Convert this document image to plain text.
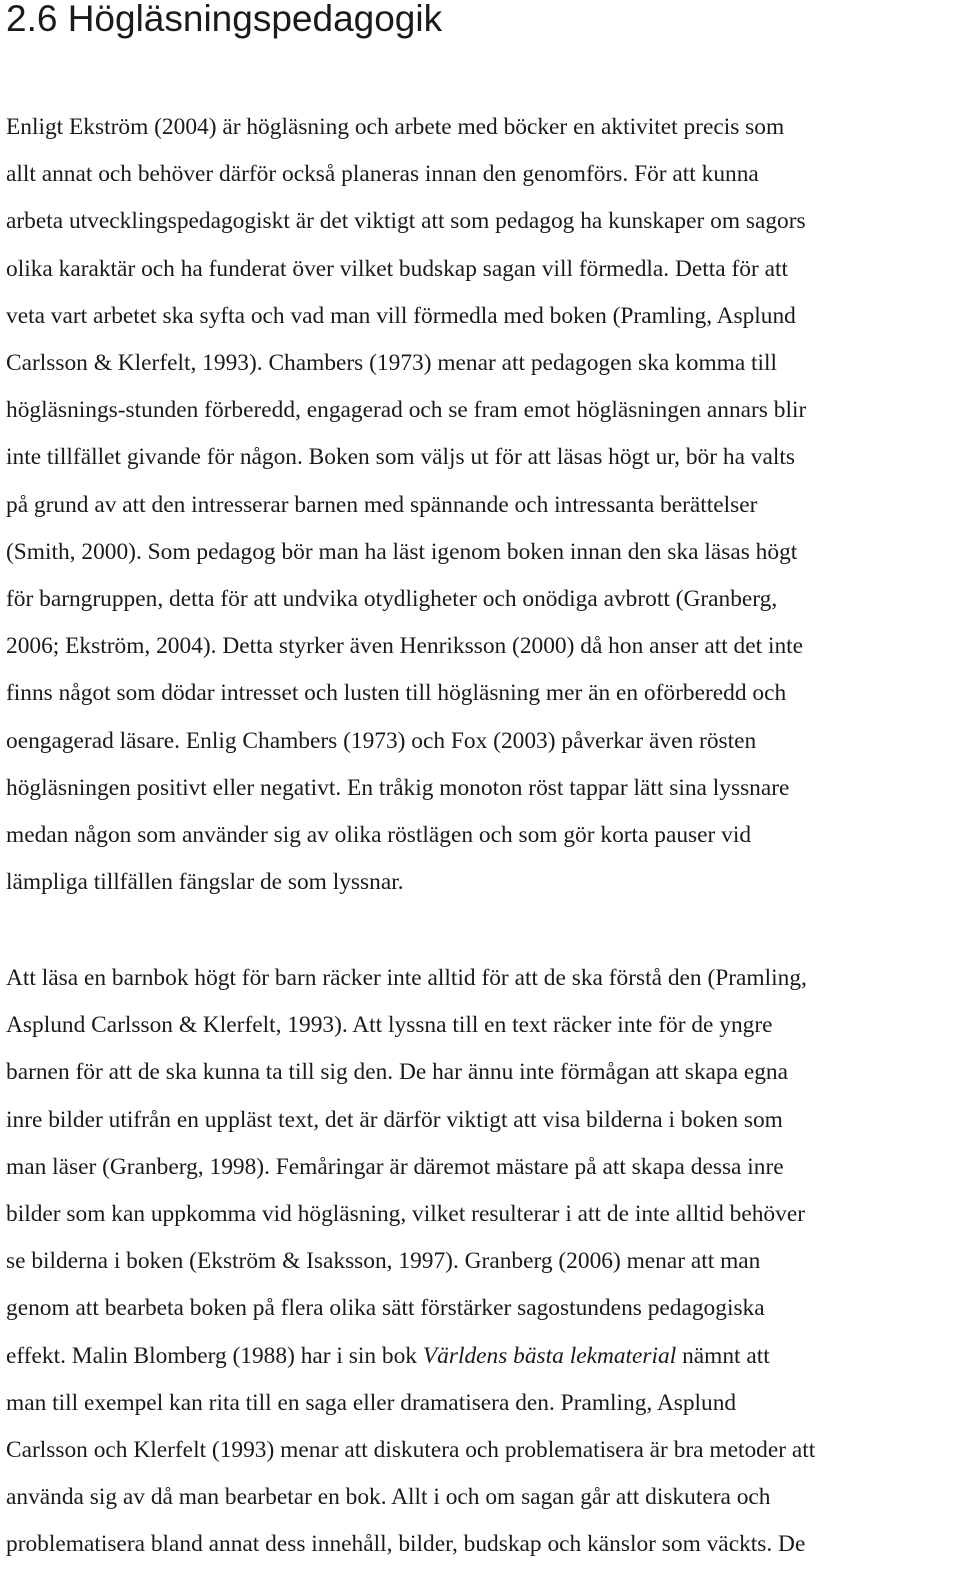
2.6 Högläsningspedagogik

Enligt Ekström (2004) är högläsning och arbete med böcker en aktivitet precis som
allt annat och behöver därför också planeras innan den genomförs. För att kunna
arbeta utvecklingspedagogiskt är det viktigt att som pedagog ha kunskaper om sagors
olika karaktär och ha funderat över vilket budskap sagan vill förmedla. Detta för att
veta vart arbetet ska syfta och vad man vill förmedla med boken (Pramling, Asplund
Carlsson & Klerfelt, 1993). Chambers (1973) menar att pedagogen ska komma till
högläsnings-stunden förberedd, engagerad och se fram emot högläsningen annars blir
inte tillfället givande för någon. Boken som väljs ut för att läsas högt ur, bör ha valts
på grund av att den intresserar barnen med spännande och intressanta berättelser
(Smith, 2000). Som pedagog bör man ha läst igenom boken innan den ska läsas högt
för barngruppen, detta för att undvika otydligheter och onödiga avbrott (Granberg,
2006; Ekström, 2004). Detta styrker även Henriksson (2000) då hon anser att det inte
finns något som dödar intresset och lusten till högläsning mer än en oförberedd och
oengagerad läsare. Enlig Chambers (1973) och Fox (2003) påverkar även rösten
högläsningen positivt eller negativt. En tråkig monoton röst tappar lätt sina lyssnare
medan någon som använder sig av olika röstlägen och som gör korta pauser vid
lämpliga tillfällen fängslar de som lyssnar.

Att läsa en barnbok högt för barn räcker inte alltid för att de ska förstå den (Pramling,
Asplund Carlsson & Klerfelt, 1993). Att lyssna till en text räcker inte för de yngre
barnen för att de ska kunna ta till sig den. De har ännu inte förmågan att skapa egna
inre bilder utifrån en uppläst text, det är därför viktigt att visa bilderna i boken som
man läser (Granberg, 1998). Femåringar är däremot mästare på att skapa dessa inre
bilder som kan uppkomma vid högläsning, vilket resulterar i att de inte alltid behöver
se bilderna i boken (Ekström & Isaksson, 1997). Granberg (2006) menar att man
genom att bearbeta boken på flera olika sätt förstärker sagostundens pedagogiska
effekt. Malin Blomberg (1988) har i sin bok Världens bästa lekmaterial nämnt att
man till exempel kan rita till en saga eller dramatisera den. Pramling, Asplund
Carlsson och Klerfelt (1993) menar att diskutera och problematisera är bra metoder att
använda sig av då man bearbetar en bok. Allt i och om sagan går att diskutera och
problematisera bland annat dess innehåll, bilder, budskap och känslor som väckts. De
